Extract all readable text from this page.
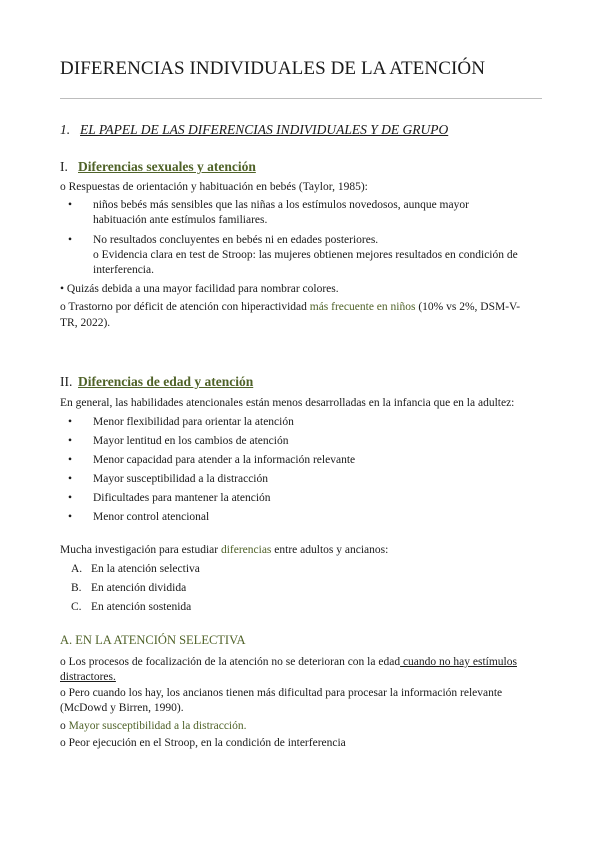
DIFERENCIAS INDIVIDUALES DE LA ATENCIÓN
1. EL PAPEL DE LAS DIFERENCIAS INDIVIDUALES Y DE GRUPO
I. Diferencias sexuales y atención
o Respuestas de orientación y habituación en bebés (Taylor, 1985):
• niños bebés más sensibles que las niñas a los estímulos novedosos, aunque mayor
habituación ante estímulos familiares.
• No resultados concluyentes en bebés ni en edades posteriores.
o Evidencia clara en test de Stroop: las mujeres obtienen mejores resultados en condición de
interferencia.
• Quizás debida a una mayor facilidad para nombrar colores.
o Trastorno por déficit de atención con hiperactividad más frecuente en niños (10% vs 2%, DSM-V-
TR, 2022).
II. Diferencias de edad y atención
En general, las habilidades atencionales están menos desarrolladas en la infancia que en la adultez:
• Menor flexibilidad para orientar la atención
• Mayor lentitud en los cambios de atención
• Menor capacidad para atender a la información relevante
• Mayor susceptibilidad a la distracción
• Dificultades para mantener la atención
• Menor control atencional
Mucha investigación para estudiar diferencias entre adultos y ancianos:
A. En la atención selectiva
B. En atención dividida
C. En atención sostenida
A. EN LA ATENCIÓN SELECTIVA
o Los procesos de focalización de la atención no se deterioran con la edad cuando no hay estímulos
distractores.
o Pero cuando los hay, los ancianos tienen más dificultad para procesar la información relevante
(McDowd y Birren, 1990).
o Mayor susceptibilidad a la distracción.
o Peor ejecución en el Stroop, en la condición de interferencia
